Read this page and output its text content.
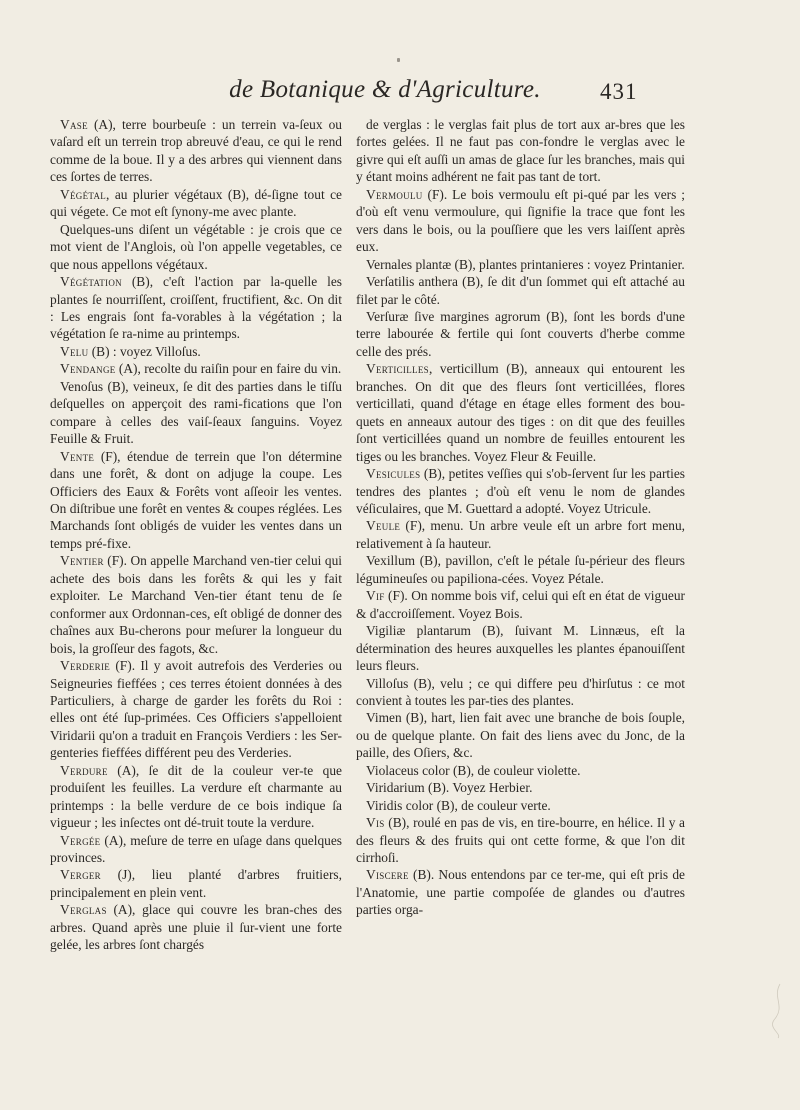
de Botanique & d'Agriculture.	431

Vase (A), terre bourbeuſe : un terrein va-ſeux ou vaſard eſt un terrein trop abreuvé d'eau, ce qui le rend comme de la boue. Il y a des arbres qui viennent dans ces ſortes de terres.

Végétal, au plurier végétaux (B), dé-ſigne tout ce qui végete. Ce mot eſt ſynony-me avec plante.

Quelques-uns diſent un végétable : je crois que ce mot vient de l'Anglois, où l'on appelle vegetables, ce que nous appellons végétaux.

Végétation (B), c'eſt l'action par la-quelle les plantes ſe nourriſſent, croiſſent, fructifient, &c. On dit : Les engrais ſont fa-vorables à la végétation ; la végétation ſe ra-nime au printemps.

Velu (B) : voyez Villoſus.

Vendange (A), recolte du raiſin pour en faire du vin.

Venoſus (B), veineux, ſe dit des parties dans le tiſſu deſquelles on apperçoit des rami-fications que l'on compare à celles des vaiſ-ſeaux ſanguins. Voyez Feuille & Fruit.

Vente (F), étendue de terrein que l'on détermine dans une forêt, & dont on adjuge la coupe. Les Officiers des Eaux & Forêts vont aſſeoir les ventes. On diſtribue une forêt en ventes & coupes réglées. Les Marchands ſont obligés de vuider les ventes dans un temps pré-fixe.

Ventier (F). On appelle Marchand ven-tier celui qui achete des bois dans les forêts & qui les y fait exploiter. Le Marchand Ven-tier étant tenu de ſe conformer aux Ordonnan-ces, eſt obligé de donner des chaînes aux Bu-cherons pour meſurer la longueur du bois, la groſſeur des fagots, &c.

Verderie (F). Il y avoit autrefois des Verderies ou Seigneuries fieffées ; ces terres étoient données à des Particuliers, à charge de garder les forêts du Roi : elles ont été ſup-primées. Ces Officiers s'appelloient Viridarii qu'on a traduit en François Verdiers : les Ser-genteries fieffées différent peu des Verderies.

Verdure (A), ſe dit de la couleur ver-te que produiſent les feuilles. La verdure eſt charmante au printemps : la belle verdure de ce bois indique ſa vigueur ; les inſectes ont dé-truit toute la verdure.

Vergée (A), meſure de terre en uſage dans quelques provinces.

Verger (J), lieu planté d'arbres fruitiers, principalement en plein vent.

Verglas (A), glace qui couvre les bran-ches des arbres. Quand après une pluie il ſur-vient une forte gelée, les arbres ſont chargés

de verglas : le verglas fait plus de tort aux ar-bres que les fortes gelées. Il ne faut pas con-fondre le verglas avec le givre qui eſt auſſi un amas de glace ſur les branches, mais qui y étant moins adhérent ne fait pas tant de tort.

Vermoulu (F). Le bois vermoulu eſt pi-qué par les vers ; d'où eſt venu vermoulure, qui ſignifie la trace que font les vers dans le bois, ou la pouſſiere que les vers laiſſent après eux.

Vernales plantæ (B), plantes printanieres : voyez Printanier.

Verſatilis anthera (B), ſe dit d'un ſommet qui eſt attaché au filet par le côté.

Verſuræ ſive margines agrorum (B), ſont les bords d'une terre labourée & fertile qui ſont couverts d'herbe comme celle des prés.

Verticilles, verticillum (B), anneaux qui entourent les branches. On dit que des fleurs ſont verticillées, flores verticillati, quand d'étage en étage elles forment des bou-quets en anneaux autour des tiges : on dit que des feuilles ſont verticillées quand un nombre de feuilles entourent les tiges ou les branches. Voyez Fleur & Feuille.

Vesicules (B), petites veſſies qui s'ob-ſervent ſur les parties tendres des plantes ; d'où eſt venu le nom de glandes véſiculaires, que M. Guettard a adopté. Voyez Utricule.

Veule (F), menu. Un arbre veule eſt un arbre fort menu, relativement à ſa hauteur.

Vexillum (B), pavillon, c'eſt le pétale ſu-périeur des fleurs légumineuſes ou papiliona-cées. Voyez Pétale.

Vif (F). On nomme bois vif, celui qui eſt en état de vigueur & d'accroiſſement. Voyez Bois.

Vigiliæ plantarum (B), ſuivant M. Linnæus, eſt la détermination des heures auxquelles les plantes épanouiſſent leurs fleurs.

Villoſus (B), velu ; ce qui differe peu d'hirſutus : ce mot convient à toutes les par-ties des plantes.

Vimen (B), hart, lien fait avec une branche de bois ſouple, ou de quelque plante. On fait des liens avec du Jonc, de la paille, des Oſiers, &c.

Violaceus color (B), de couleur violette.

Viridarium (B). Voyez Herbier.

Viridis color (B), de couleur verte.

Vis (B), roulé en pas de vis, en tire-bourre, en hélice. Il y a des fleurs & des fruits qui ont cette forme, & que l'on dit cirrhoſi.

Viscere (B). Nous entendons par ce ter-me, qui eſt pris de l'Anatomie, une partie compoſée de glandes ou d'autres parties orga-
